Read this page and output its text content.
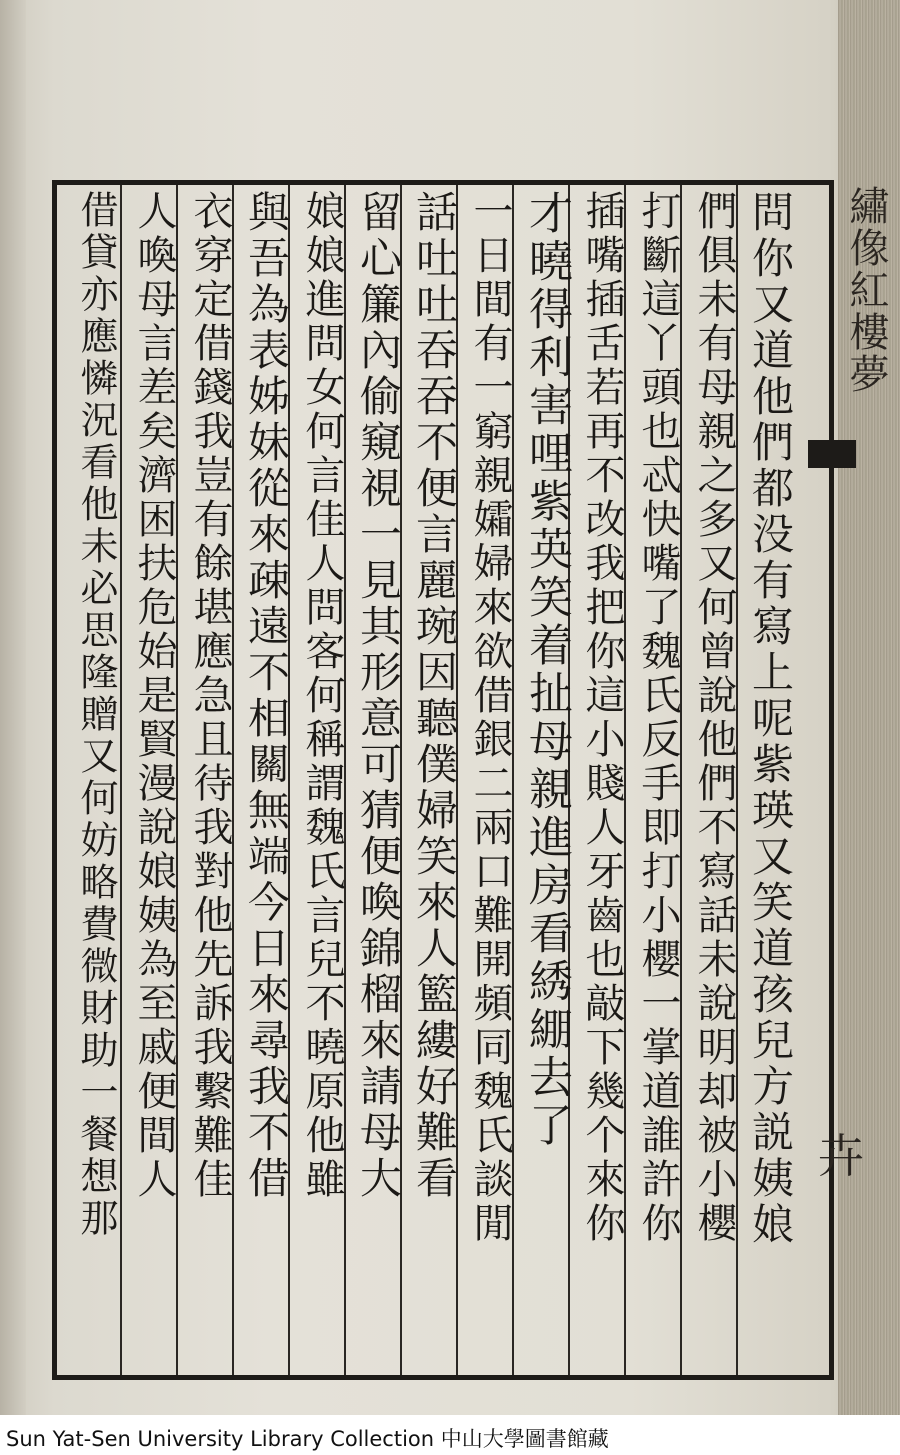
問你又道他們都没有寫上呢紫瑛又笑道孩兒方説姨娘
們俱未有母親之多又何曾說他們不寫話未說明却被小櫻
打斷這丫頭也忒快嘴了魏氏反手即打小櫻一掌道誰許你
插嘴插舌若再不改我把你這小賤人牙齒也敲下幾个來你
才曉得利害哩紫英笑着扯母親進房看綉綳去了
一日間有一窮親孀婦來欲借銀二兩口難開頻同魏氏談閒
話吐吐吞吞不便言麗琬因聽僕婦笑來人籃縷好難看
留心簾內偷窺視一見其形意可猜便喚錦榴來請母大
娘娘進問女何言佳人問客何稱謂魏氏言兒不曉原他雖
與吾為表姊妹從來疎遠不相關無端今日來尋我不借
衣穿定借錢我豈有餘堪應急且待我對他先訴我繫難佳
人喚母言差矣濟困扶危始是賢漫說娘姨為至戚便間人
借貸亦應憐況看他未必思隆贈又何妨略費微財助一餐想那	繡像紅樓夢
卉
Sun Yat-Sen University Library Collection 中山大學圖書館藏
